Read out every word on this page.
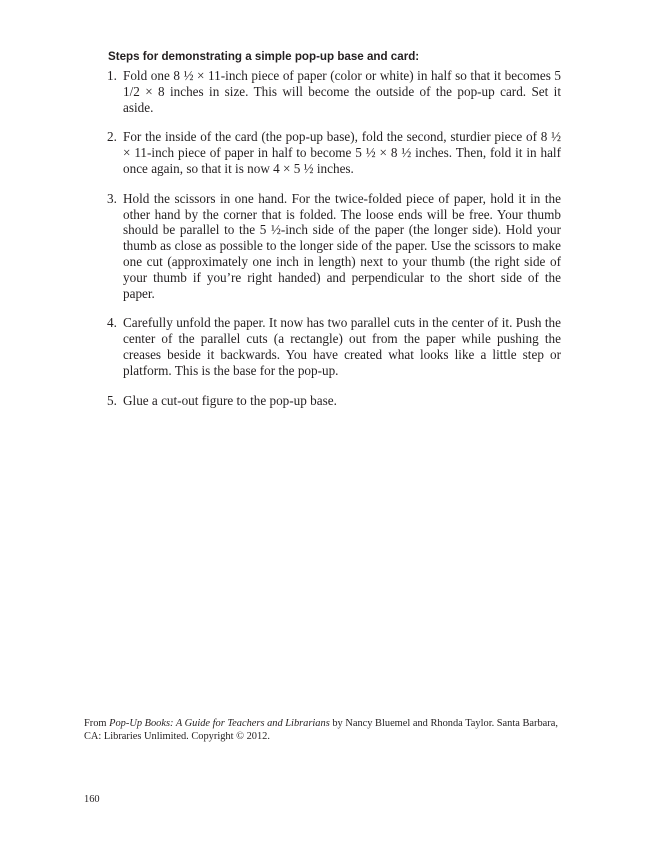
Steps for demonstrating a simple pop-up base and card:
1. Fold one 8 ½ × 11-inch piece of paper (color or white) in half so that it becomes 5 1/2 × 8 inches in size. This will become the outside of the pop-up card. Set it aside.
2. For the inside of the card (the pop-up base), fold the second, sturdier piece of 8 ½ × 11-inch piece of paper in half to become 5 ½ × 8 ½ inches. Then, fold it in half once again, so that it is now 4 × 5 ½ inches.
3. Hold the scissors in one hand. For the twice-folded piece of paper, hold it in the other hand by the corner that is folded. The loose ends will be free. Your thumb should be parallel to the 5 ½-inch side of the paper (the longer side). Hold your thumb as close as possible to the longer side of the paper. Use the scissors to make one cut (approximately one inch in length) next to your thumb (the right side of your thumb if you’re right handed) and perpendicular to the short side of the paper.
4. Carefully unfold the paper. It now has two parallel cuts in the center of it. Push the center of the parallel cuts (a rectangle) out from the paper while pushing the creases beside it backwards. You have created what looks like a little step or platform. This is the base for the pop-up.
5. Glue a cut-out figure to the pop-up base.
From Pop-Up Books: A Guide for Teachers and Librarians by Nancy Bluemel and Rhonda Taylor. Santa Barbara, CA: Libraries Unlimited. Copyright © 2012.
160
